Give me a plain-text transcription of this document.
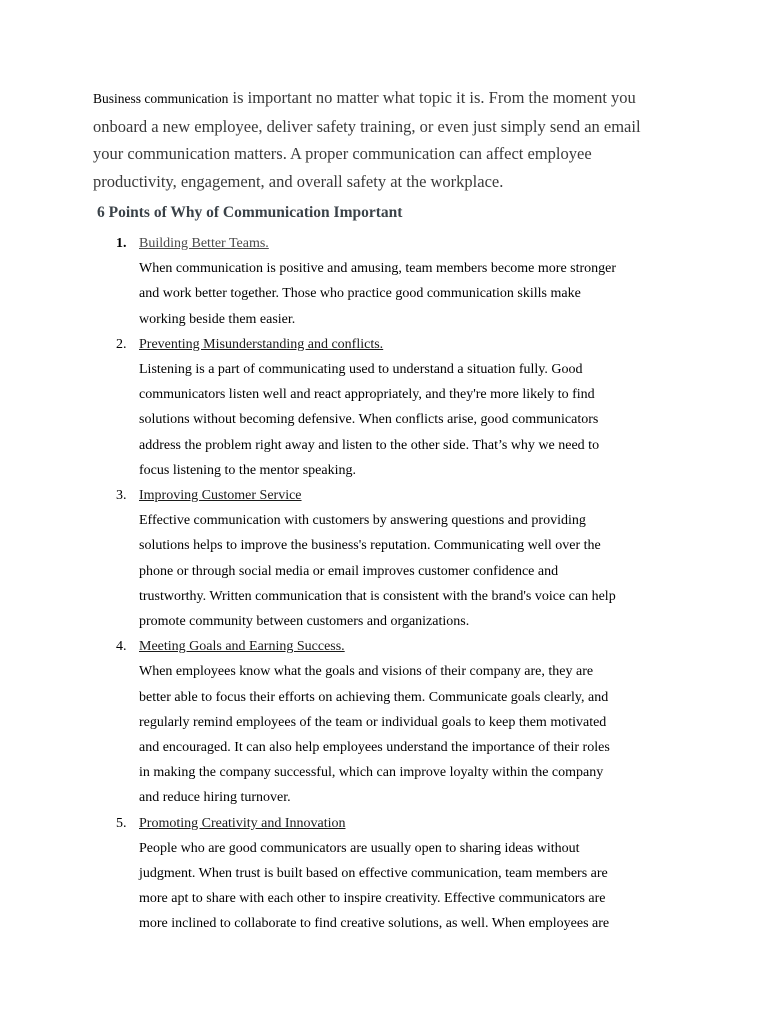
Business communication is important no matter what topic it is. From the moment you
onboard a new employee, deliver safety training, or even just simply send an email
your communication matters. A proper communication can affect employee
productivity, engagement, and overall safety at the workplace.
6 Points of Why of Communication Important
1. Building Better Teams.
When communication is positive and amusing, team members become more stronger
and work better together. Those who practice good communication skills make
working beside them easier.
2. Preventing Misunderstanding and conflicts.
Listening is a part of communicating used to understand a situation fully. Good
communicators listen well and react appropriately, and they're more likely to find
solutions without becoming defensive. When conflicts arise, good communicators
address the problem right away and listen to the other side. That’s why we need to
focus listening to the mentor speaking.
3. Improving Customer Service
Effective communication with customers by answering questions and providing
solutions helps to improve the business's reputation. Communicating well over the
phone or through social media or email improves customer confidence and
trustworthy. Written communication that is consistent with the brand's voice can help
promote community between customers and organizations.
4. Meeting Goals and Earning Success.
When employees know what the goals and visions of their company are, they are
better able to focus their efforts on achieving them. Communicate goals clearly, and
regularly remind employees of the team or individual goals to keep them motivated
and encouraged. It can also help employees understand the importance of their roles
in making the company successful, which can improve loyalty within the company
and reduce hiring turnover.
5. Promoting Creativity and Innovation
People who are good communicators are usually open to sharing ideas without
judgment. When trust is built based on effective communication, team members are
more apt to share with each other to inspire creativity. Effective communicators are
more inclined to collaborate to find creative solutions, as well. When employees are
